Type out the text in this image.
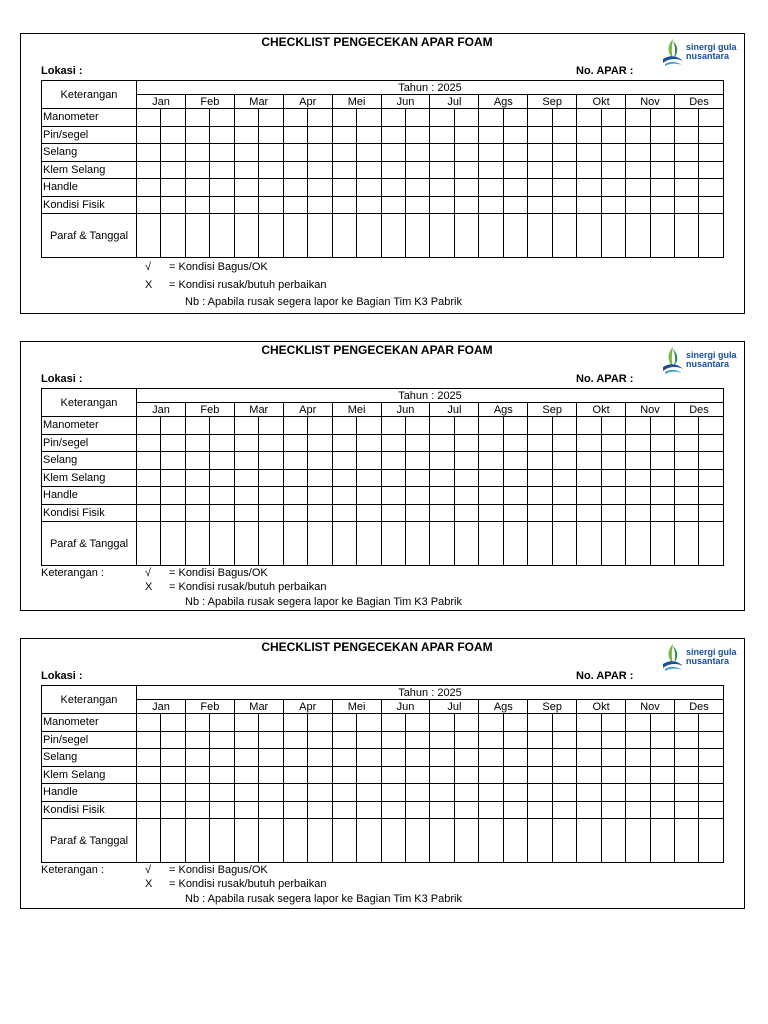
CHECKLIST PENGECEKAN APAR FOAM
Lokasi :	No. APAR :
sinergi gula
nusantara
Keterangan	Tahun : 2025																							
	Jan		Feb		Mar		Apr		Mei		Jun		Jul		Ags		Sep		Okt		Nov		Des	
Manometer																								
Pin/segel																								
Selang																								
Klem Selang																								
Handle																								
Kondisi Fisik																								
Paraf & Tanggal																								
√ = Kondisi Bagus/OK
X = Kondisi rusak/butuh perbaikan
Nb : Apabila rusak segera lapor ke Bagian Tim K3 Pabrik
CHECKLIST PENGECEKAN APAR FOAM
Lokasi :	No. APAR :
sinergi gula
nusantara
Keterangan	Tahun : 2025																							
	Jan		Feb		Mar		Apr		Mei		Jun		Jul		Ags		Sep		Okt		Nov		Des	
Manometer																								
Pin/segel																								
Selang																								
Klem Selang																								
Handle																								
Kondisi Fisik																								
Paraf & Tanggal																								
Keterangan :	√ = Kondisi Bagus/OK
X = Kondisi rusak/butuh perbaikan
Nb : Apabila rusak segera lapor ke Bagian Tim K3 Pabrik
CHECKLIST PENGECEKAN APAR FOAM
Lokasi :	No. APAR :
sinergi gula
nusantara
Keterangan	Tahun : 2025																							
	Jan		Feb		Mar		Apr		Mei		Jun		Jul		Ags		Sep		Okt		Nov		Des	
Manometer																								
Pin/segel																								
Selang																								
Klem Selang																								
Handle																								
Kondisi Fisik																								
Paraf & Tanggal																								
Keterangan :	√ = Kondisi Bagus/OK
X = Kondisi rusak/butuh perbaikan
Nb : Apabila rusak segera lapor ke Bagian Tim K3 Pabrik
